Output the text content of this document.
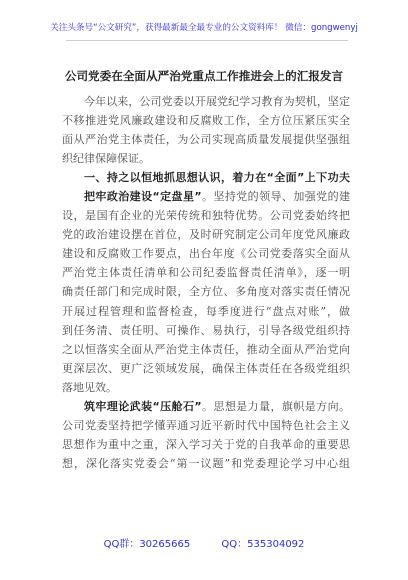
关注头条号“公文研究”，获得最新最全最专业的公文资料库！ 微信：gongwenyj
公司党委在全面从严治党重点工作推进会上的汇报发言
今年以来，公司党委以开展党纪学习教育为契机，坚定
不移推进党风廉政建设和反腐败工作，全方位压紧压实全
面从严治党主体责任，为公司实现高质量发展提供坚强组
织纪律保障保证。
一、持之以恒地抓思想认识，着力在“全面”上下功夫
把牢政治建设“定盘星”。坚持党的领导、加强党的建
设，是国有企业的光荣传统和独特优势。公司党委始终把
党的政治建设摆在首位，及时研究制定公司年度党风廉政
建设和反腐败工作要点，出台年度《公司党委落实全面从
严治党主体责任清单和公司纪委监督责任清单》，逐一明
确责任部门和完成时限，全方位、多角度对落实责任情况
开展过程管理和监督检查，每季度进行“盘点对账”，做
到任务清、责任明、可操作、易执行，引导各级党组织持
之以恒落实全面从严治党主体责任，推动全面从严治党向
更深层次、更广泛领域发展，确保主体责任在各级党组织
落地见效。
筑牢理论武装“压舱石”。思想是力量，旗帜是方向。
公司党委坚持把学懂弄通习近平新时代中国特色社会主义
思想作为重中之重，深入学习关于党的自我革命的重要思
想，深化落实党委会“第一议题”和党委理论学习中心组
QQ群：30265665	QQ：535304092
